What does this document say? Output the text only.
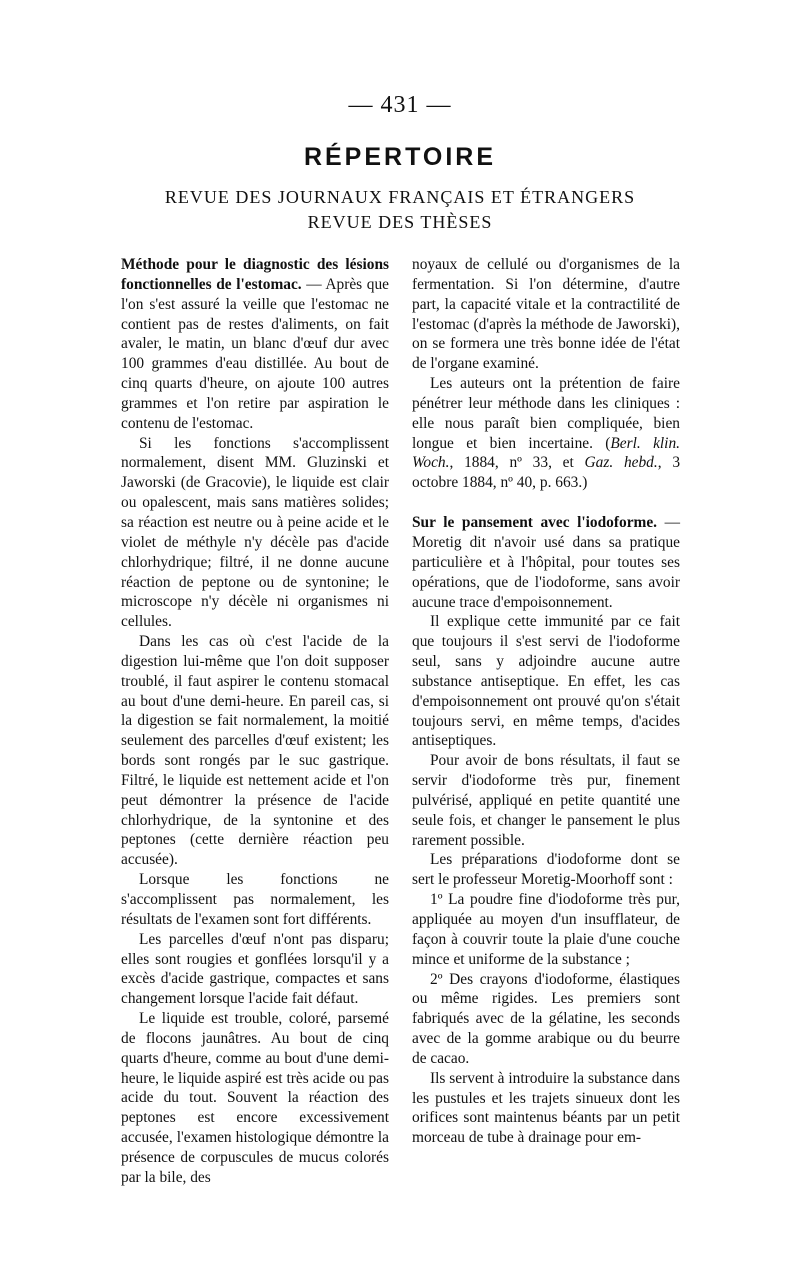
— 431 —
RÉPERTOIRE
REVUE DES JOURNAUX FRANÇAIS ET ÉTRANGERS
REVUE DES THÈSES

Méthode pour le diagnostic des lésions fonctionnelles de l'estomac. — Après que l'on s'est assuré la veille que l'estomac ne contient pas de restes d'aliments, on fait avaler, le matin, un blanc d'œuf dur avec 100 grammes d'eau distillée. Au bout de cinq quarts d'heure, on ajoute 100 autres grammes et l'on retire par aspiration le contenu de l'estomac.

Si les fonctions s'accomplissent normalement, disent MM. Gluzinski et Jaworski (de Gracovie), le liquide est clair ou opalescent, mais sans matières solides; sa réaction est neutre ou à peine acide et le violet de méthyle n'y décèle pas d'acide chlorhydrique; filtré, il ne donne aucune réaction de peptone ou de syntonine; le microscope n'y décèle ni organismes ni cellules.

Dans les cas où c'est l'acide de la digestion lui-même que l'on doit supposer troublé, il faut aspirer le contenu stomacal au bout d'une demi-heure. En pareil cas, si la digestion se fait normalement, la moitié seulement des parcelles d'œuf existent; les bords sont rongés par le suc gastrique. Filtré, le liquide est nettement acide et l'on peut démontrer la présence de l'acide chlorhydrique, de la syntonine et des peptones (cette dernière réaction peu accusée).

Lorsque les fonctions ne s'accomplissent pas normalement, les résultats de l'examen sont fort différents.

Les parcelles d'œuf n'ont pas disparu; elles sont rougies et gonflées lorsqu'il y a excès d'acide gastrique, compactes et sans changement lorsque l'acide fait défaut.

Le liquide est trouble, coloré, parsemé de flocons jaunâtres. Au bout de cinq quarts d'heure, comme au bout d'une demi-heure, le liquide aspiré est très acide ou pas acide du tout. Souvent la réaction des peptones est encore excessivement accusée, l'examen histologique démontre la présence de corpuscules de mucus colorés par la bile, des

noyaux de cellulé ou d'organismes de la fermentation. Si l'on détermine, d'autre part, la capacité vitale et la contractilité de l'estomac (d'après la méthode de Jaworski), on se formera une très bonne idée de l'état de l'organe examiné.

Les auteurs ont la prétention de faire pénétrer leur méthode dans les cliniques : elle nous paraît bien compliquée, bien longue et bien incertaine. (Berl. klin. Woch., 1884, nº 33, et Gaz. hebd., 3 octobre 1884, nº 40, p. 663.)

Sur le pansement avec l'iodoforme. — Moretig dit n'avoir usé dans sa pratique particulière et à l'hôpital, pour toutes ses opérations, que de l'iodoforme, sans avoir aucune trace d'empoisonnement.

Il explique cette immunité par ce fait que toujours il s'est servi de l'iodoforme seul, sans y adjoindre aucune autre substance antiseptique. En effet, les cas d'empoisonnement ont prouvé qu'on s'était toujours servi, en même temps, d'acides antiseptiques.

Pour avoir de bons résultats, il faut se servir d'iodoforme très pur, finement pulvérisé, appliqué en petite quantité une seule fois, et changer le pansement le plus rarement possible.

Les préparations d'iodoforme dont se sert le professeur Moretig-Moorhoff sont :

1º La poudre fine d'iodoforme très pur, appliquée au moyen d'un insufflateur, de façon à couvrir toute la plaie d'une couche mince et uniforme de la substance ;

2º Des crayons d'iodoforme, élastiques ou même rigides. Les premiers sont fabriqués avec de la gélatine, les seconds avec de la gomme arabique ou du beurre de cacao.

Ils servent à introduire la substance dans les pustules et les trajets sinueux dont les orifices sont maintenus béants par un petit morceau de tube à drainage pour em-
